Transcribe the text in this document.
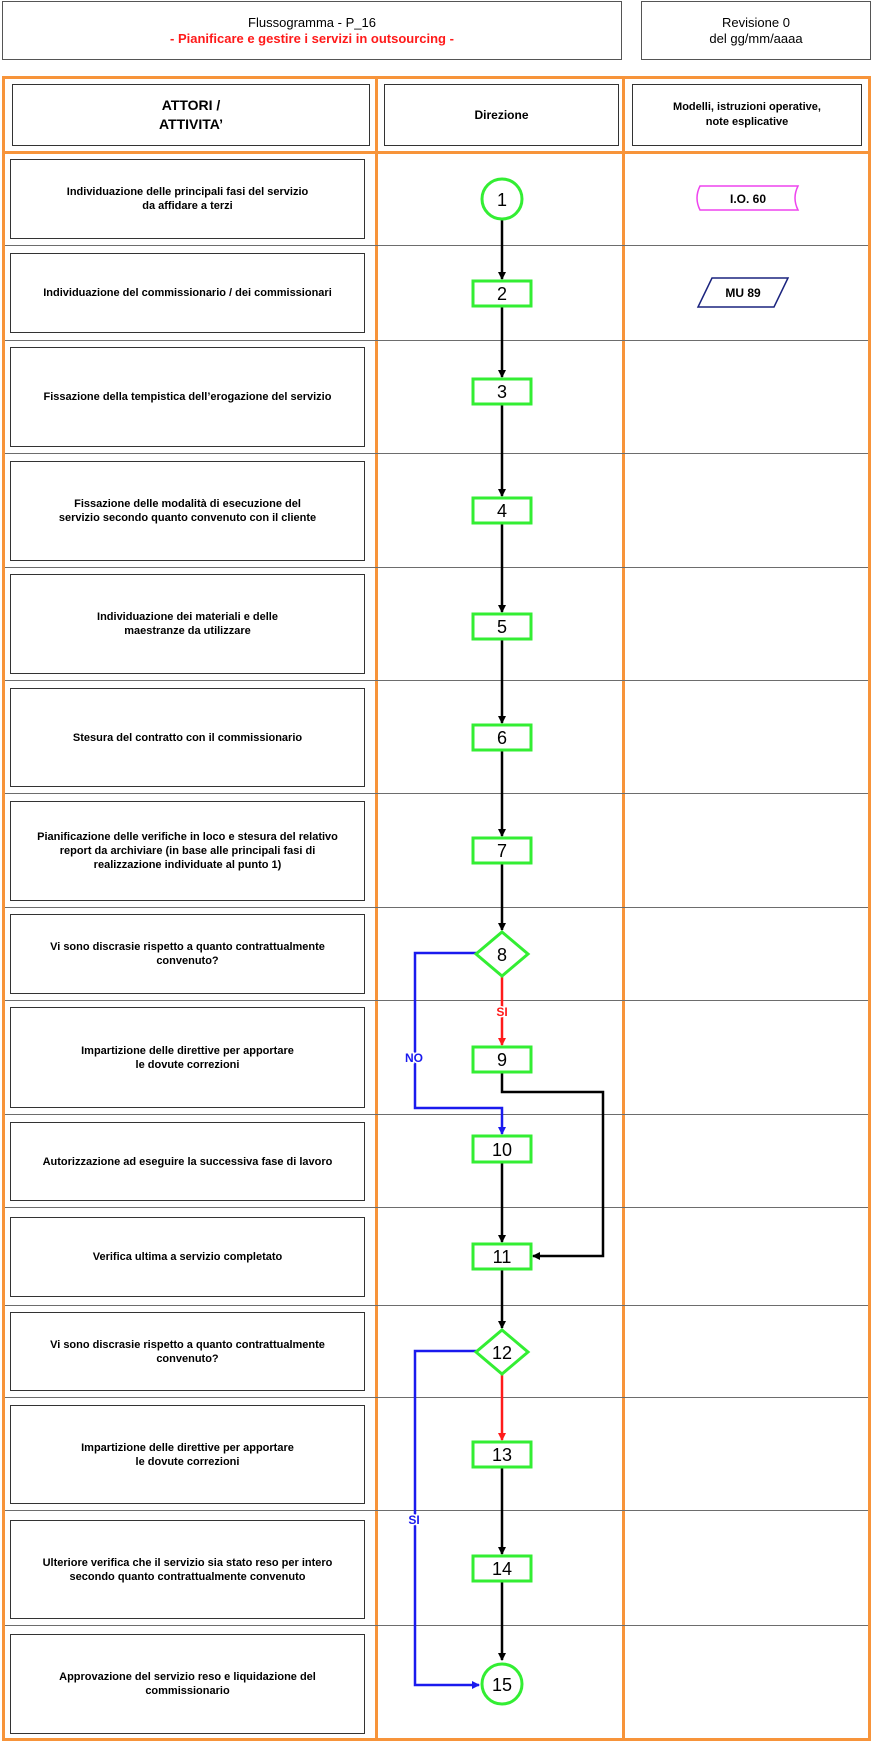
Flussogramma - P_16
- Pianificare e gestire i servizi in outsourcing -
Revisione 0
del gg/mm/aaaa
ATTORI /
ATTIVITA’
Direzione
Modelli, istruzioni operative,
note esplicative
Individuazione delle principali fasi del servizio
da affidare a terzi
Individuazione del commissionario / dei commissionari
Fissazione della tempistica dell’erogazione del servizio
Fissazione delle modalità di esecuzione del
servizio secondo quanto convenuto con il cliente
Individuazione dei materiali e delle
maestranze da utilizzare
Stesura del contratto con il commissionario
Pianificazione delle verifiche in loco e stesura del relativo
report da archiviare (in base alle principali fasi di
realizzazione individuate al punto 1)
Vi sono discrasie rispetto a quanto contrattualmente
convenuto?
Impartizione delle direttive per apportare
le dovute correzioni
Autorizzazione ad eseguire la successiva fase di lavoro
Verifica ultima a servizio completato
Vi sono discrasie rispetto a quanto contrattualmente
convenuto?
Impartizione delle direttive per apportare
le dovute correzioni
Ulteriore verifica che il servizio sia stato reso per intero
secondo quanto contrattualmente convenuto
Approvazione del servizio reso e liquidazione del
commissionario
SI
NO
SI
1
2
3
4
5
6
7
8
9
10
11
12
13
14
15
I.O. 60
MU 89
